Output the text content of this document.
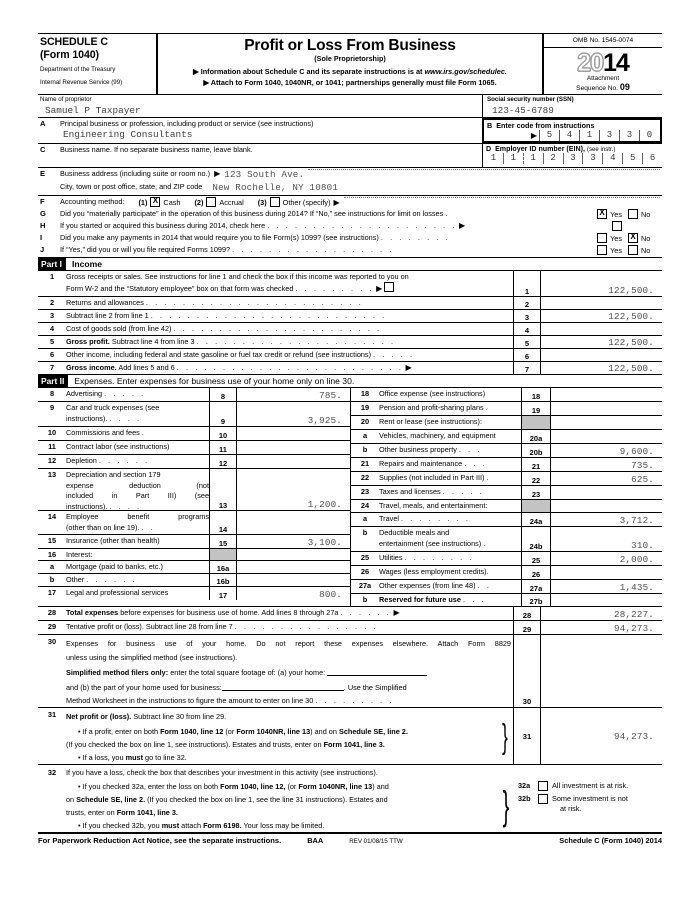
SCHEDULE C
(Form 1040)
Department of the Treasury
Internal Revenue Service (99)
Profit or Loss From Business
(Sole Proprietorship)
▶ Information about Schedule C and its separate instructions is at www.irs.gov/schedulec.
▶ Attach to Form 1040, 1040NR, or 1041; partnerships generally must file Form 1065.
OMB No. 1545-0074
2014
Attachment
Sequence No. 09
Name of proprietor
Samuel P Taxpayer
Social security number (SSN)
123-45-6789
A	Principal business or profession, including product or service (see instructions)
Engineering Consultants
B Enter code from instructions
▶	5	4	1	3	3	0
C	Business name. If no separate business name, leave blank.	D Employer ID number (EIN), (see instr.)
1	1	1	2	3	3	4	5	6
E	Business address (including suite or room no.) ▶ 123 South Ave.
City, town or post office, state, and ZIP code New Rochelle, NY 10801
F	Accounting method: (1) X Cash (2) Accrual (3) Other (specify) ▶
G	Did you “materially participate” in the operation of this business during 2014? If “No,” see instructions for limit on losses . X	Yes	No
H	If you started or acquired this business during 2014, check here . . . . . . . . . . . . . . . . . . . . . ▶
I	Did you make any payments in 2014 that would require you to file Form(s) 1099? (see instructions) . . . . . . . .	Yes X	No
J	If “Yes,” did you or will you file required Forms 1099? . . . . . . . . . . . . . . . . . .	Yes	No
Part I	Income
1	Gross receipts or sales. See instructions for line 1 and check the box if this income was reported to you on
Form W-2 and the “Statutory employee” box on that form was checked . . . . . . . . . ▶	1	122,500.
2	Returns and allowances . . . . . . . . . . . . . . . . . . . . . . . .	2
3	Subtract line 2 from line 1 . . . . . . . . . . . . . . . . . . . . . . . . . .	3	122,500.
4	Cost of goods sold (from line 42) . . . . . . . . . . . . . . . . . . . . . . .	4
5	Gross profit. Subtract line 4 from line 3 . . . . . . . . . . . . . . . . . . . . . .	5	122,500.
6	Other income, including federal and state gasoline or fuel tax credit or refund (see instructions) . . . . .	6
7	Gross income. Add lines 5 and 6 . . . . . . . . . . . . . . . . . . . . . . . . . ▶	7	122,500.
Part II	Expenses. Enter expenses for business use of your home only on line 30.
8	Advertising . . . . .	8	785.
9	Car and truck expenses (see
instructions). . . . .	9	3,925.
10	Commissions and fees .	10
11	Contract labor (see instructions)	11
12	Depletion . . . . . .	12
13	Depreciation and section 179
expense deduction (not
included in Part III) (see
instructions). . . . .	13	1,200.
14	Employee benefit programs
(other than on line 19). . .	14
15	Insurance (other than health)	15	3,100.
16	Interest:
a	Mortgage (paid to banks, etc.)	16a
b	Other . . . . . .	16b
17	Legal and professional services	17	800.
18	Office expense (see instructions)	18
19	Pension and profit-sharing plans .	19
20	Rent or lease (see instructions):
a	Vehicles, machinery, and equipment	20a
b	Other business property . . .	20b	9,600.
21	Repairs and maintenance . . .	21	735.
22	Supplies (not included in Part III) .	22	625.
23	Taxes and licenses . . . . .	23
24	Travel, meals, and entertainment:
a	Travel . . . . . . . .	24a	3,712.
b	Deductible meals and
entertainment (see instructions) .	24b	310.
25	Utilities . . . . . . . .	25	2,000.
26	Wages (less employment credits).	26
27a	Other expenses (from line 48) . .	27a	1,435.
b	Reserved for future use . . .	27b
28	Total expenses before expenses for business use of home. Add lines 8 through 27a . . . . . . ▶	28	28,227.
29	Tentative profit or (loss). Subtract line 28 from line 7 . . . . . . . . . . . . . . . .	29	94,273.
30	Expenses for business use of your home. Do not report these expenses elsewhere. Attach Form 8829
unless using the simplified method (see instructions).
Simplified method filers only: enter the total square footage of: (a) your home:
and (b) the part of your home used for business:	. Use the Simplified
Method Worksheet in the instructions to figure the amount to enter on line 30 . . . . . . . . .	30
31	Net profit or (loss). Subtract line 30 from line 29.
• If a profit, enter on both Form 1040, line 12 (or Form 1040NR, line 13) and on Schedule SE, line 2.
(If you checked the box on line 1, see instructions). Estates and trusts, enter on Form 1041, line 3.
• If a loss, you must go to line 32.
}	31	94,273.
32	If you have a loss, check the box that describes your investment in this activity (see instructions).
• If you checked 32a, enter the loss on both Form 1040, line 12, (or Form 1040NR, line 13) and
on Schedule SE, line 2. (If you checked the box on line 1, see the line 31 instructions). Estates and
trusts, enter on Form 1041, line 3.
• If you checked 32b, you must attach Form 6198. Your loss may be limited.	} 32a	All investment is at risk.
32b	Some investment is not
at risk.
For Paperwork Reduction Act Notice, see the separate instructions.	BAA	REV 01/08/15 TTW	Schedule C (Form 1040) 2014
